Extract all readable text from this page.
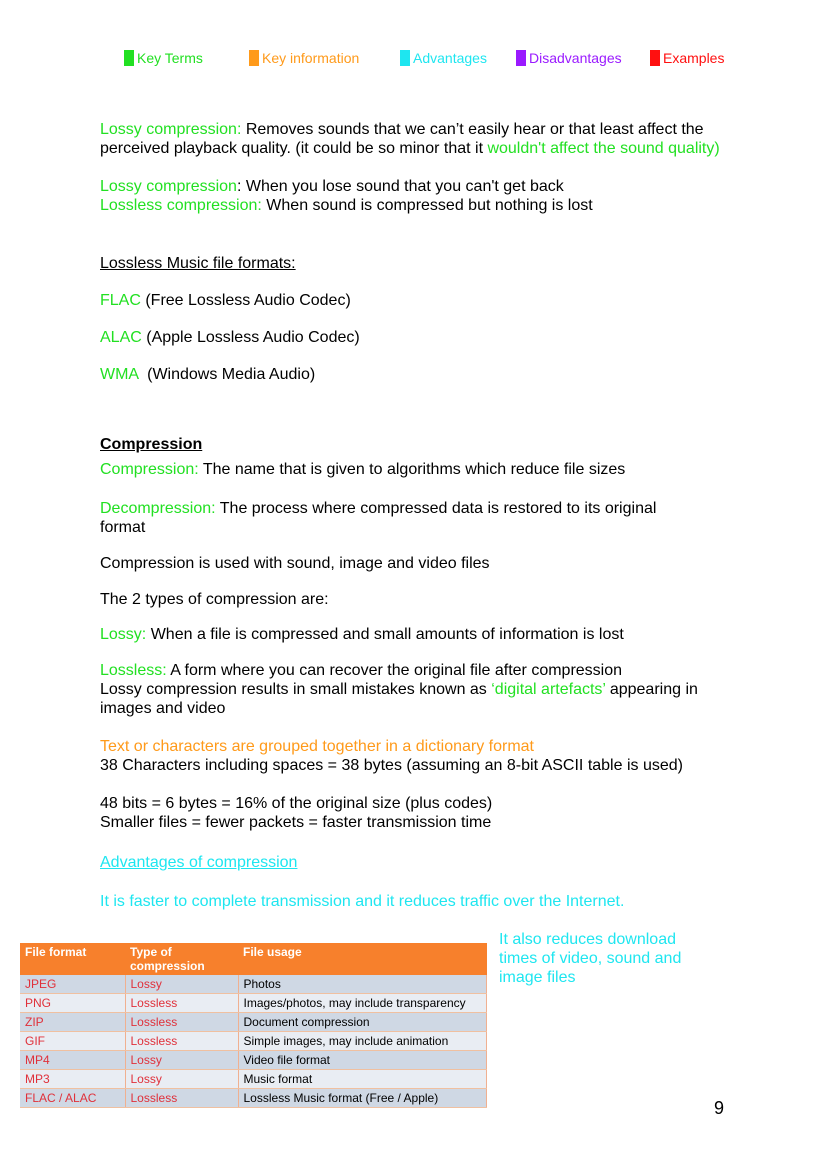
Key Terms	Key information	Advantages	Disadvantages	Examples
Lossy compression: Removes sounds that we can’t easily hear or that least affect the perceived playback quality. (it could be so minor that it wouldn't affect the sound quality)
Lossy compression: When you lose sound that you can't get back
Lossless compression: When sound is compressed but nothing is lost
Lossless Music file formats:
FLAC (Free Lossless Audio Codec)
ALAC (Apple Lossless Audio Codec)
WMA  (Windows Media Audio)
Compression
Compression: The name that is given to algorithms which reduce file sizes
Decompression: The process where compressed data is restored to its original format
Compression is used with sound, image and video files
The 2 types of compression are:
Lossy: When a file is compressed and small amounts of information is lost
Lossless: A form where you can recover the original file after compression
Lossy compression results in small mistakes known as ‘digital artefacts’ appearing in images and video
Text or characters are grouped together in a dictionary format
38 Characters including spaces = 38 bytes (assuming an 8-bit ASCII table is used)
48 bits = 6 bytes = 16% of the original size (plus codes)
Smaller files = fewer packets = faster transmission time
Advantages of compression
It is faster to complete transmission and it reduces traffic over the Internet.
It also reduces download times of video, sound and image files
File format	Type of compression	File usage
JPEG	Lossy	Photos
PNG	Lossless	Images/photos, may include transparency
ZIP	Lossless	Document compression
GIF	Lossless	Simple images, may include animation
MP4	Lossy	Video file format
MP3	Lossy	Music format
FLAC / ALAC	Lossless	Lossless Music format (Free / Apple)	9
